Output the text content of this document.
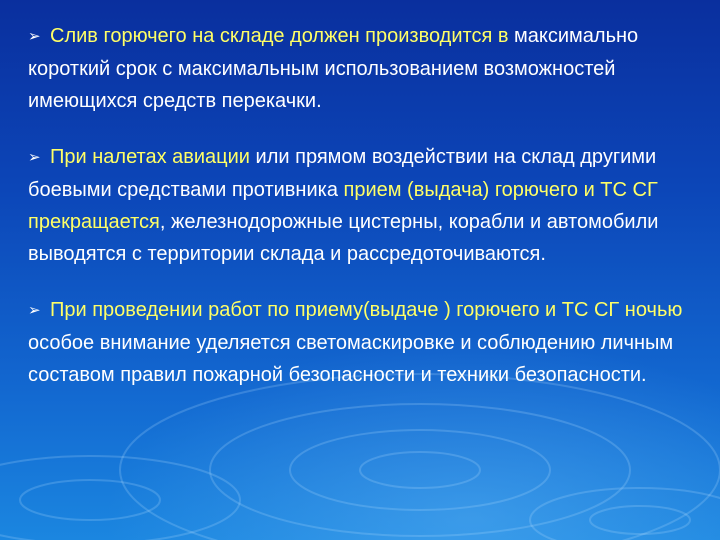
➢ Слив горючего на складе должен производится в максимально короткий срок с максимальным использованием возможностей имеющихся средств перекачки.

➢ При налетах авиации или прямом воздействии на склад другими боевыми средствами противника прием (выдача) горючего и ТС СГ прекращается, железнодорожные цистерны, корабли и автомобили выводятся с территории склада и рассредоточиваются.

➢ При проведении работ по приему(выдаче ) горючего и ТС СГ ночью особое внимание уделяется светомаскировке и соблюдению личным составом правил пожарной безопасности и техники безопасности.
